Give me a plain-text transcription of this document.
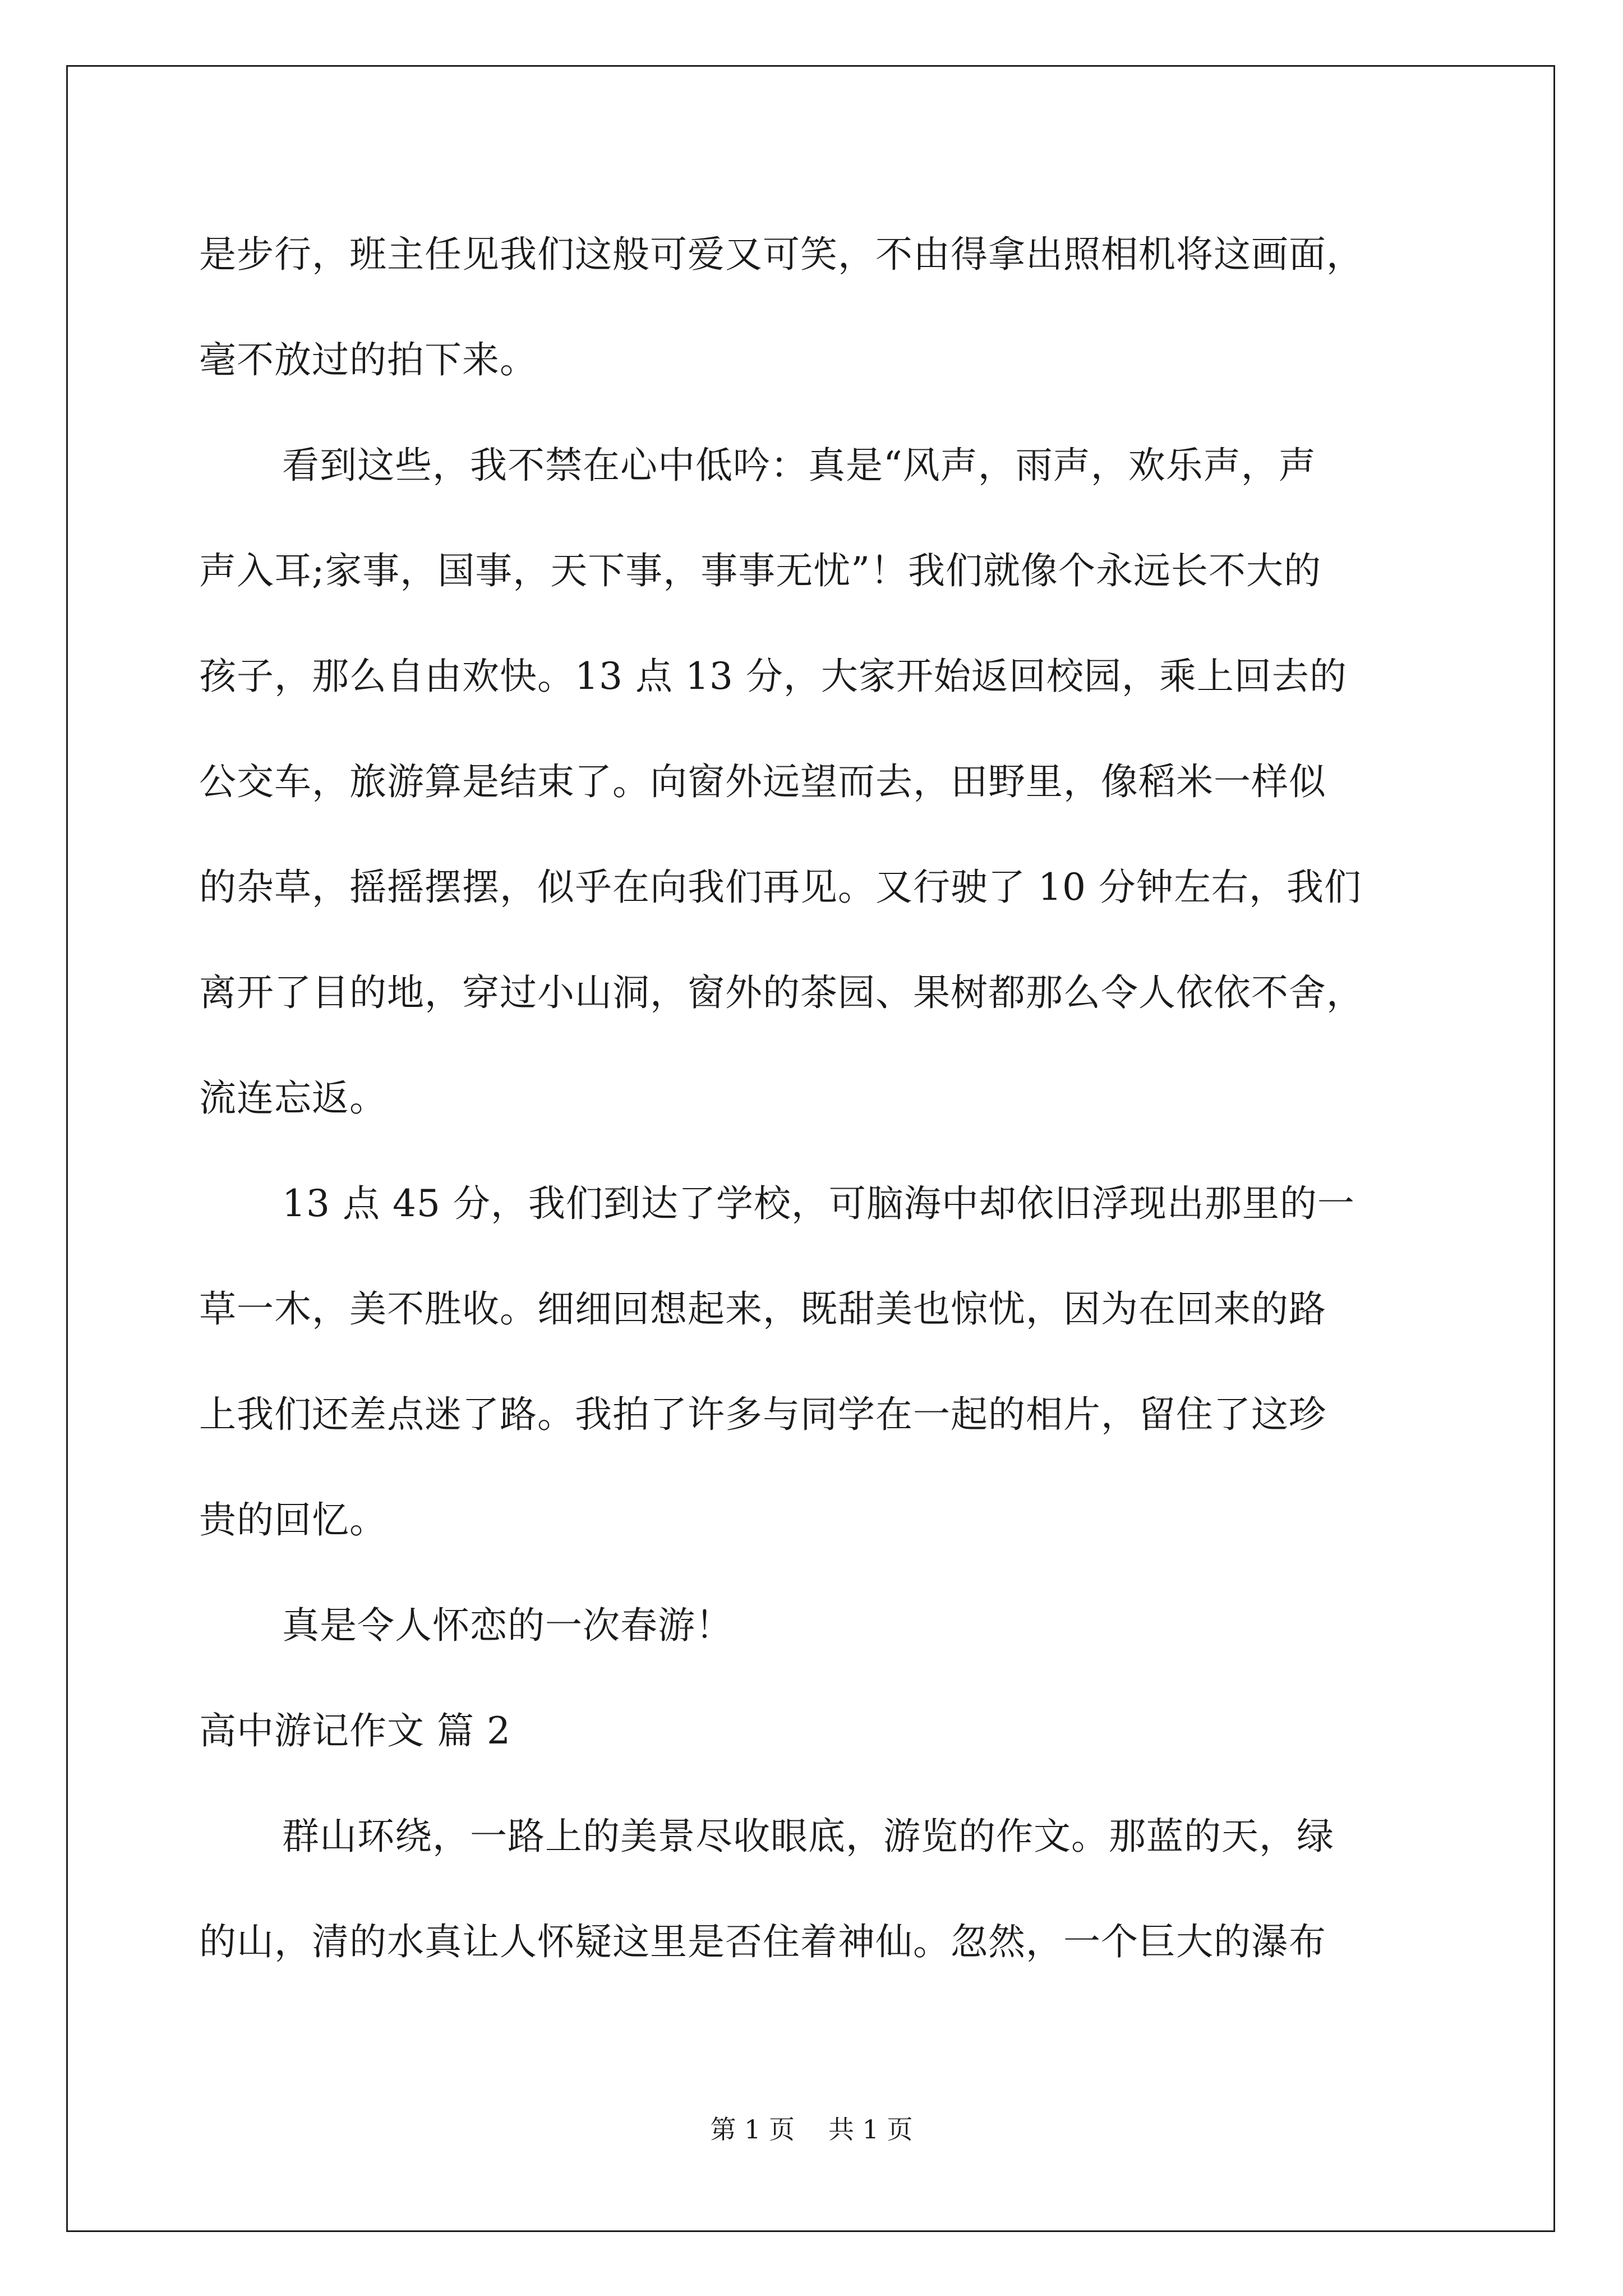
是步行，班主任见我们这般可爱又可笑，不由得拿出照相机将这画面，
毫不放过的拍下来。
看到这些，我不禁在心中低吟：真是“风声，雨声，欢乐声，声
声入耳;家事，国事，天下事，事事无忧”！我们就像个永远长不大的
孩子，那么自由欢快。13 点 13 分，大家开始返回校园，乘上回去的
公交车，旅游算是结束了。向窗外远望而去，田野里，像稻米一样似
的杂草，摇摇摆摆，似乎在向我们再见。又行驶了 10 分钟左右，我们
离开了目的地，穿过小山洞，窗外的茶园、果树都那么令人依依不舍，
流连忘返。
13 点 45 分，我们到达了学校，可脑海中却依旧浮现出那里的一
草一木，美不胜收。细细回想起来，既甜美也惊忧，因为在回来的路
上我们还差点迷了路。我拍了许多与同学在一起的相片，留住了这珍
贵的回忆。
真是令人怀恋的一次春游！
高中游记作文 篇 2
群山环绕，一路上的美景尽收眼底，游览的作文。那蓝的天，绿
的山，清的水真让人怀疑这里是否住着神仙。忽然，一个巨大的瀑布
第 1 页 共 1 页
